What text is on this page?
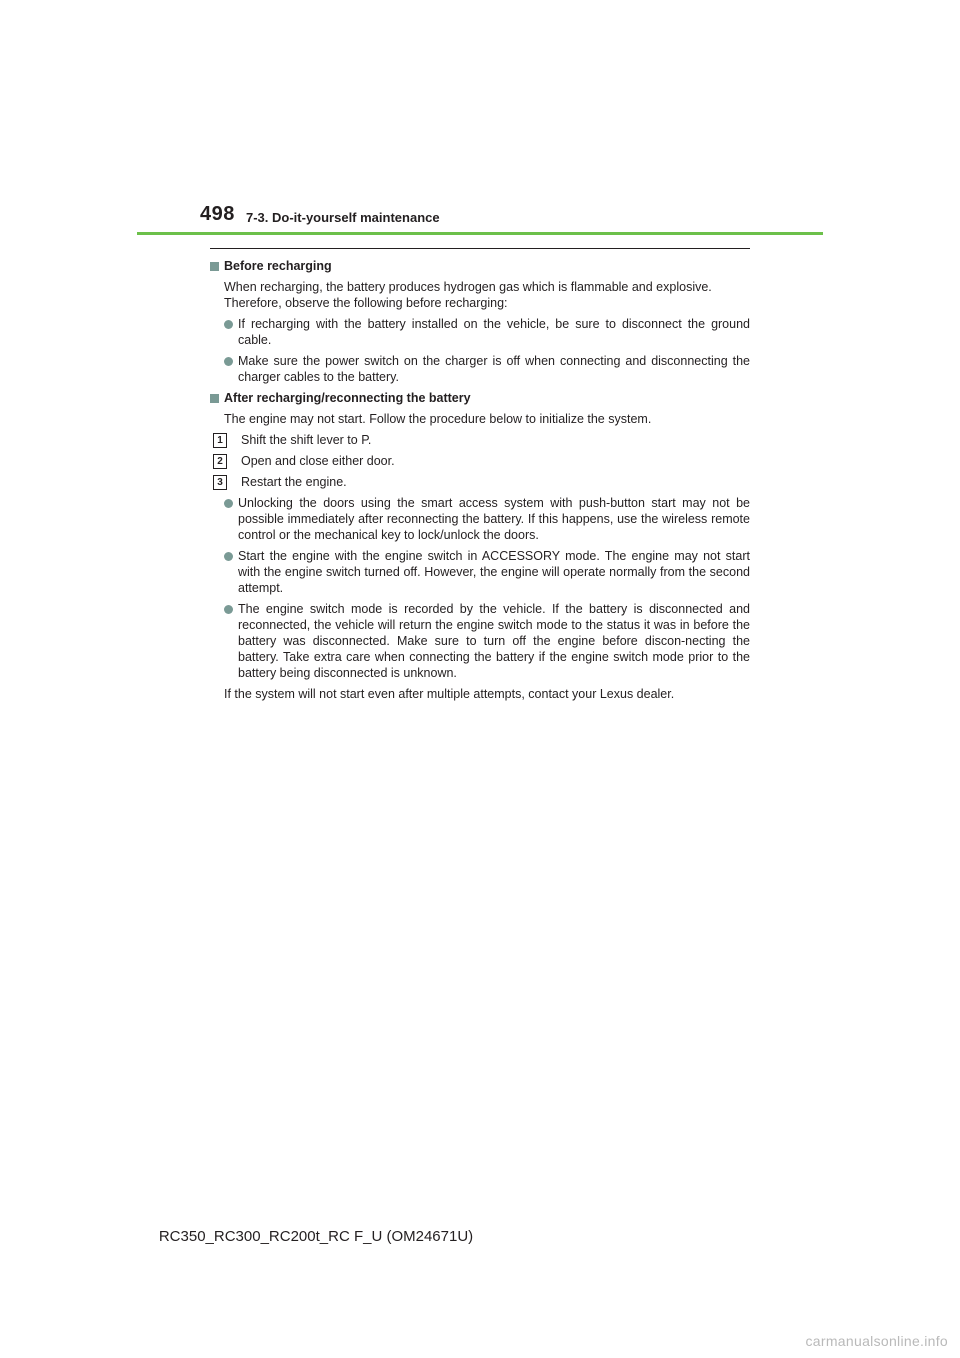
498 7-3. Do-it-yourself maintenance
Before recharging
When recharging, the battery produces hydrogen gas which is flammable and explosive. Therefore, observe the following before recharging:
If recharging with the battery installed on the vehicle, be sure to disconnect the ground cable.
Make sure the power switch on the charger is off when connecting and disconnecting the charger cables to the battery.
After recharging/reconnecting the battery
The engine may not start. Follow the procedure below to initialize the system.
1	Shift the shift lever to P.
2	Open and close either door.
3	Restart the engine.
Unlocking the doors using the smart access system with push-button start may not be possible immediately after reconnecting the battery. If this happens, use the wireless remote control or the mechanical key to lock/unlock the doors.
Start the engine with the engine switch in ACCESSORY mode. The engine may not start with the engine switch turned off. However, the engine will operate normally from the second attempt.
The engine switch mode is recorded by the vehicle. If the battery is disconnected and reconnected, the vehicle will return the engine switch mode to the status it was in before the battery was disconnected. Make sure to turn off the engine before discon-necting the battery. Take extra care when connecting the battery if the engine switch mode prior to the battery being disconnected is unknown.
If the system will not start even after multiple attempts, contact your Lexus dealer.
RC350_RC300_RC200t_RC F_U (OM24671U)
carmanualsonline.info
